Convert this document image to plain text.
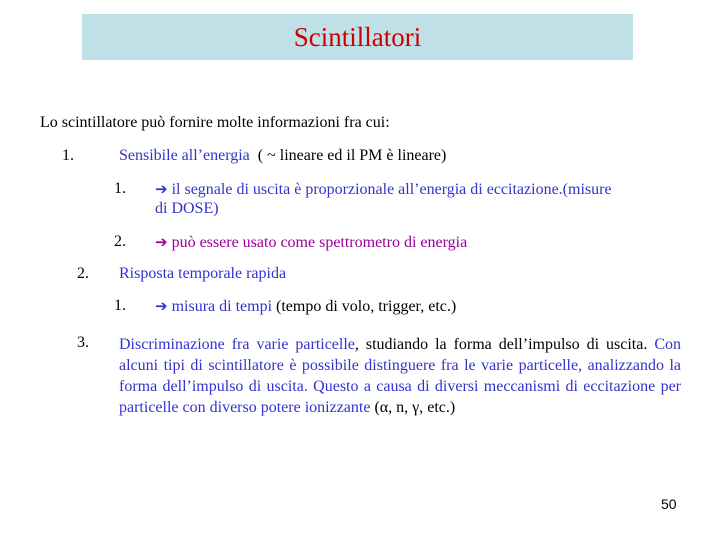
Scintillatori
Lo scintillatore può fornire molte informazioni fra cui:
1.	Sensibile all’energia ( ~ lineare ed il PM è lineare)
1. ➔ il segnale di uscita è proporzionale all’energia di eccitazione.(misure
di DOSE)
2. ➔ può essere usato come spettrometro di energia
2. Risposta temporale rapida
1. ➔ misura di tempi (tempo di volo, trigger, etc.)
3. Discriminazione fra varie particelle, studiando la forma dell’impulso di uscita. Con alcuni tipi di scintillatore è possibile distinguere fra le varie particelle, analizzando la forma dell’impulso di uscita. Questo a causa di diversi meccanismi di eccitazione per particelle con diverso potere ionizzante (α, n, γ, etc.)
50
